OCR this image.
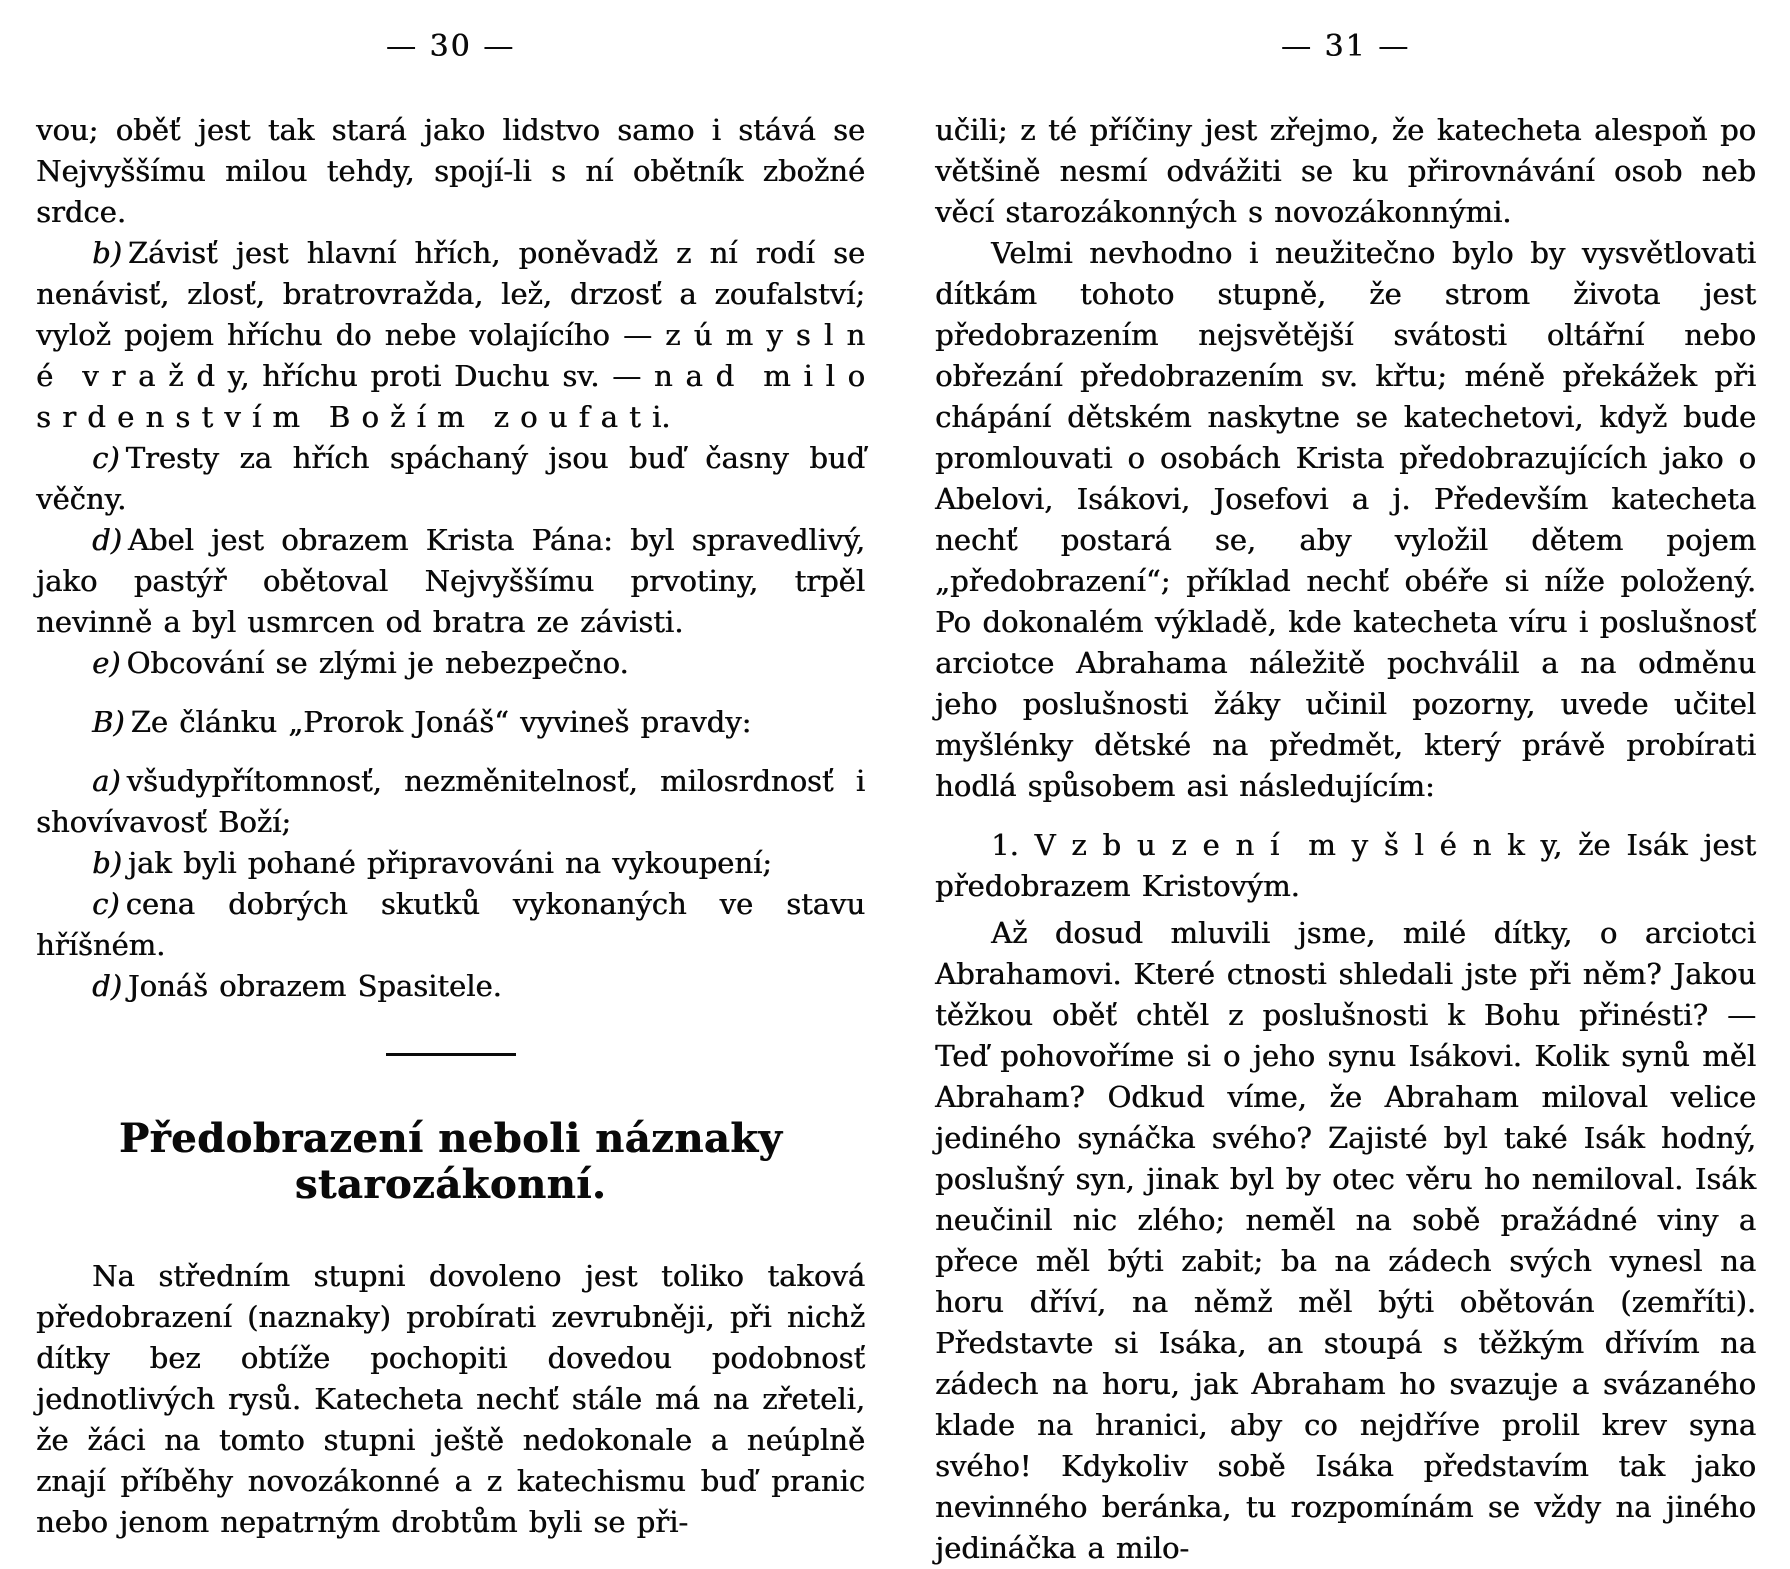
— 30 —

vou; oběť jest tak stará jako lidstvo samo i stává se Nejvyššímu milou tehdy, spojí-li s ní obětník zbožné srdce.

b) Závisť jest hlavní hřích, poněvadž z ní rodí se nenávisť, zlosť, bratrovražda, lež, drzosť a zoufalství; vylož pojem hříchu do nebe volajícího — z ú m y s l n é v r a ž d y, hříchu proti Duchu sv. — n a d m i l o s r d e n s t v í m B o ž í m z o u f a t i.

c) Tresty za hřích spáchaný jsou buď časny buď věčny.

d) Abel jest obrazem Krista Pána: byl spravedlivý, jako pastýř obětoval Nejvyššímu prvotiny, trpěl nevinně a byl usmrcen od bratra ze závisti.

e) Obcování se zlými je nebezpečno.

B) Ze článku „Prorok Jonáš“ vyvineš pravdy:

a) všudypřítomnosť, nezměnitelnosť, milosrdnosť i shovívavosť Boží;

b) jak byli pohané připravováni na vykoupení;

c) cena dobrých skutků vykonaných ve stavu hříšném.

d) Jonáš obrazem Spasitele.

Předobrazení neboli náznaky starozákonní.

Na středním stupni dovoleno jest toliko taková předobrazení (naznaky) probírati zevrubněji, při nichž dítky bez obtíže pochopiti dovedou podobnosť jednotlivých rysů. Katecheta nechť stále má na zřeteli, že žáci na tomto stupni ještě nedokonale a neúplně znají příběhy novozákonné a z katechismu buď pranic nebo jenom nepatrným drobtům byli se při-

— 31 —

učili; z té příčiny jest zřejmo, že katecheta alespoň po většině nesmí odvážiti se ku přirovnávání osob neb věcí starozákonných s novozákonnými.

Velmi nevhodno i neužitečno bylo by vysvětlovati dítkám tohoto stupně, že strom života jest předobrazením nejsvětější svátosti oltářní nebo obřezání předobrazením sv. křtu; méně překážek při chápání dětském naskytne se katechetovi, když bude promlouvati o osobách Krista předobrazujících jako o Abelovi, Isákovi, Josefovi a j. Především katecheta nechť postará se, aby vyložil dětem pojem „předobrazení“; příklad nechť obéře si níže položený. Po dokonalém výkladě, kde katecheta víru i poslušnosť arciotce Abrahama náležitě pochválil a na odměnu jeho poslušnosti žáky učinil pozorny, uvede učitel myšlénky dětské na předmět, který právě probírati hodlá spůsobem asi následujícím:

1. V z b u z e n í m y š l é n k y, že Isák jest předobrazem Kristovým.

Až dosud mluvili jsme, milé dítky, o arciotci Abrahamovi. Které ctnosti shledali jste při něm? Jakou těžkou oběť chtěl z poslušnosti k Bohu přinésti? — Teď pohovoříme si o jeho synu Isákovi. Kolik synů měl Abraham? Odkud víme, že Abraham miloval velice jediného synáčka svého? Zajisté byl také Isák hodný, poslušný syn, jinak byl by otec věru ho nemiloval. Isák neučinil nic zlého; neměl na sobě pražádné viny a přece měl býti zabit; ba na zádech svých vynesl na horu dříví, na němž měl býti obětován (zemříti). Představte si Isáka, an stoupá s těžkým dřívím na zádech na horu, jak Abraham ho svazuje a svázaného klade na hranici, aby co nejdříve prolil krev syna svého! Kdykoliv sobě Isáka představím tak jako nevinného beránka, tu rozpomínám se vždy na jiného jedináčka a milo-
